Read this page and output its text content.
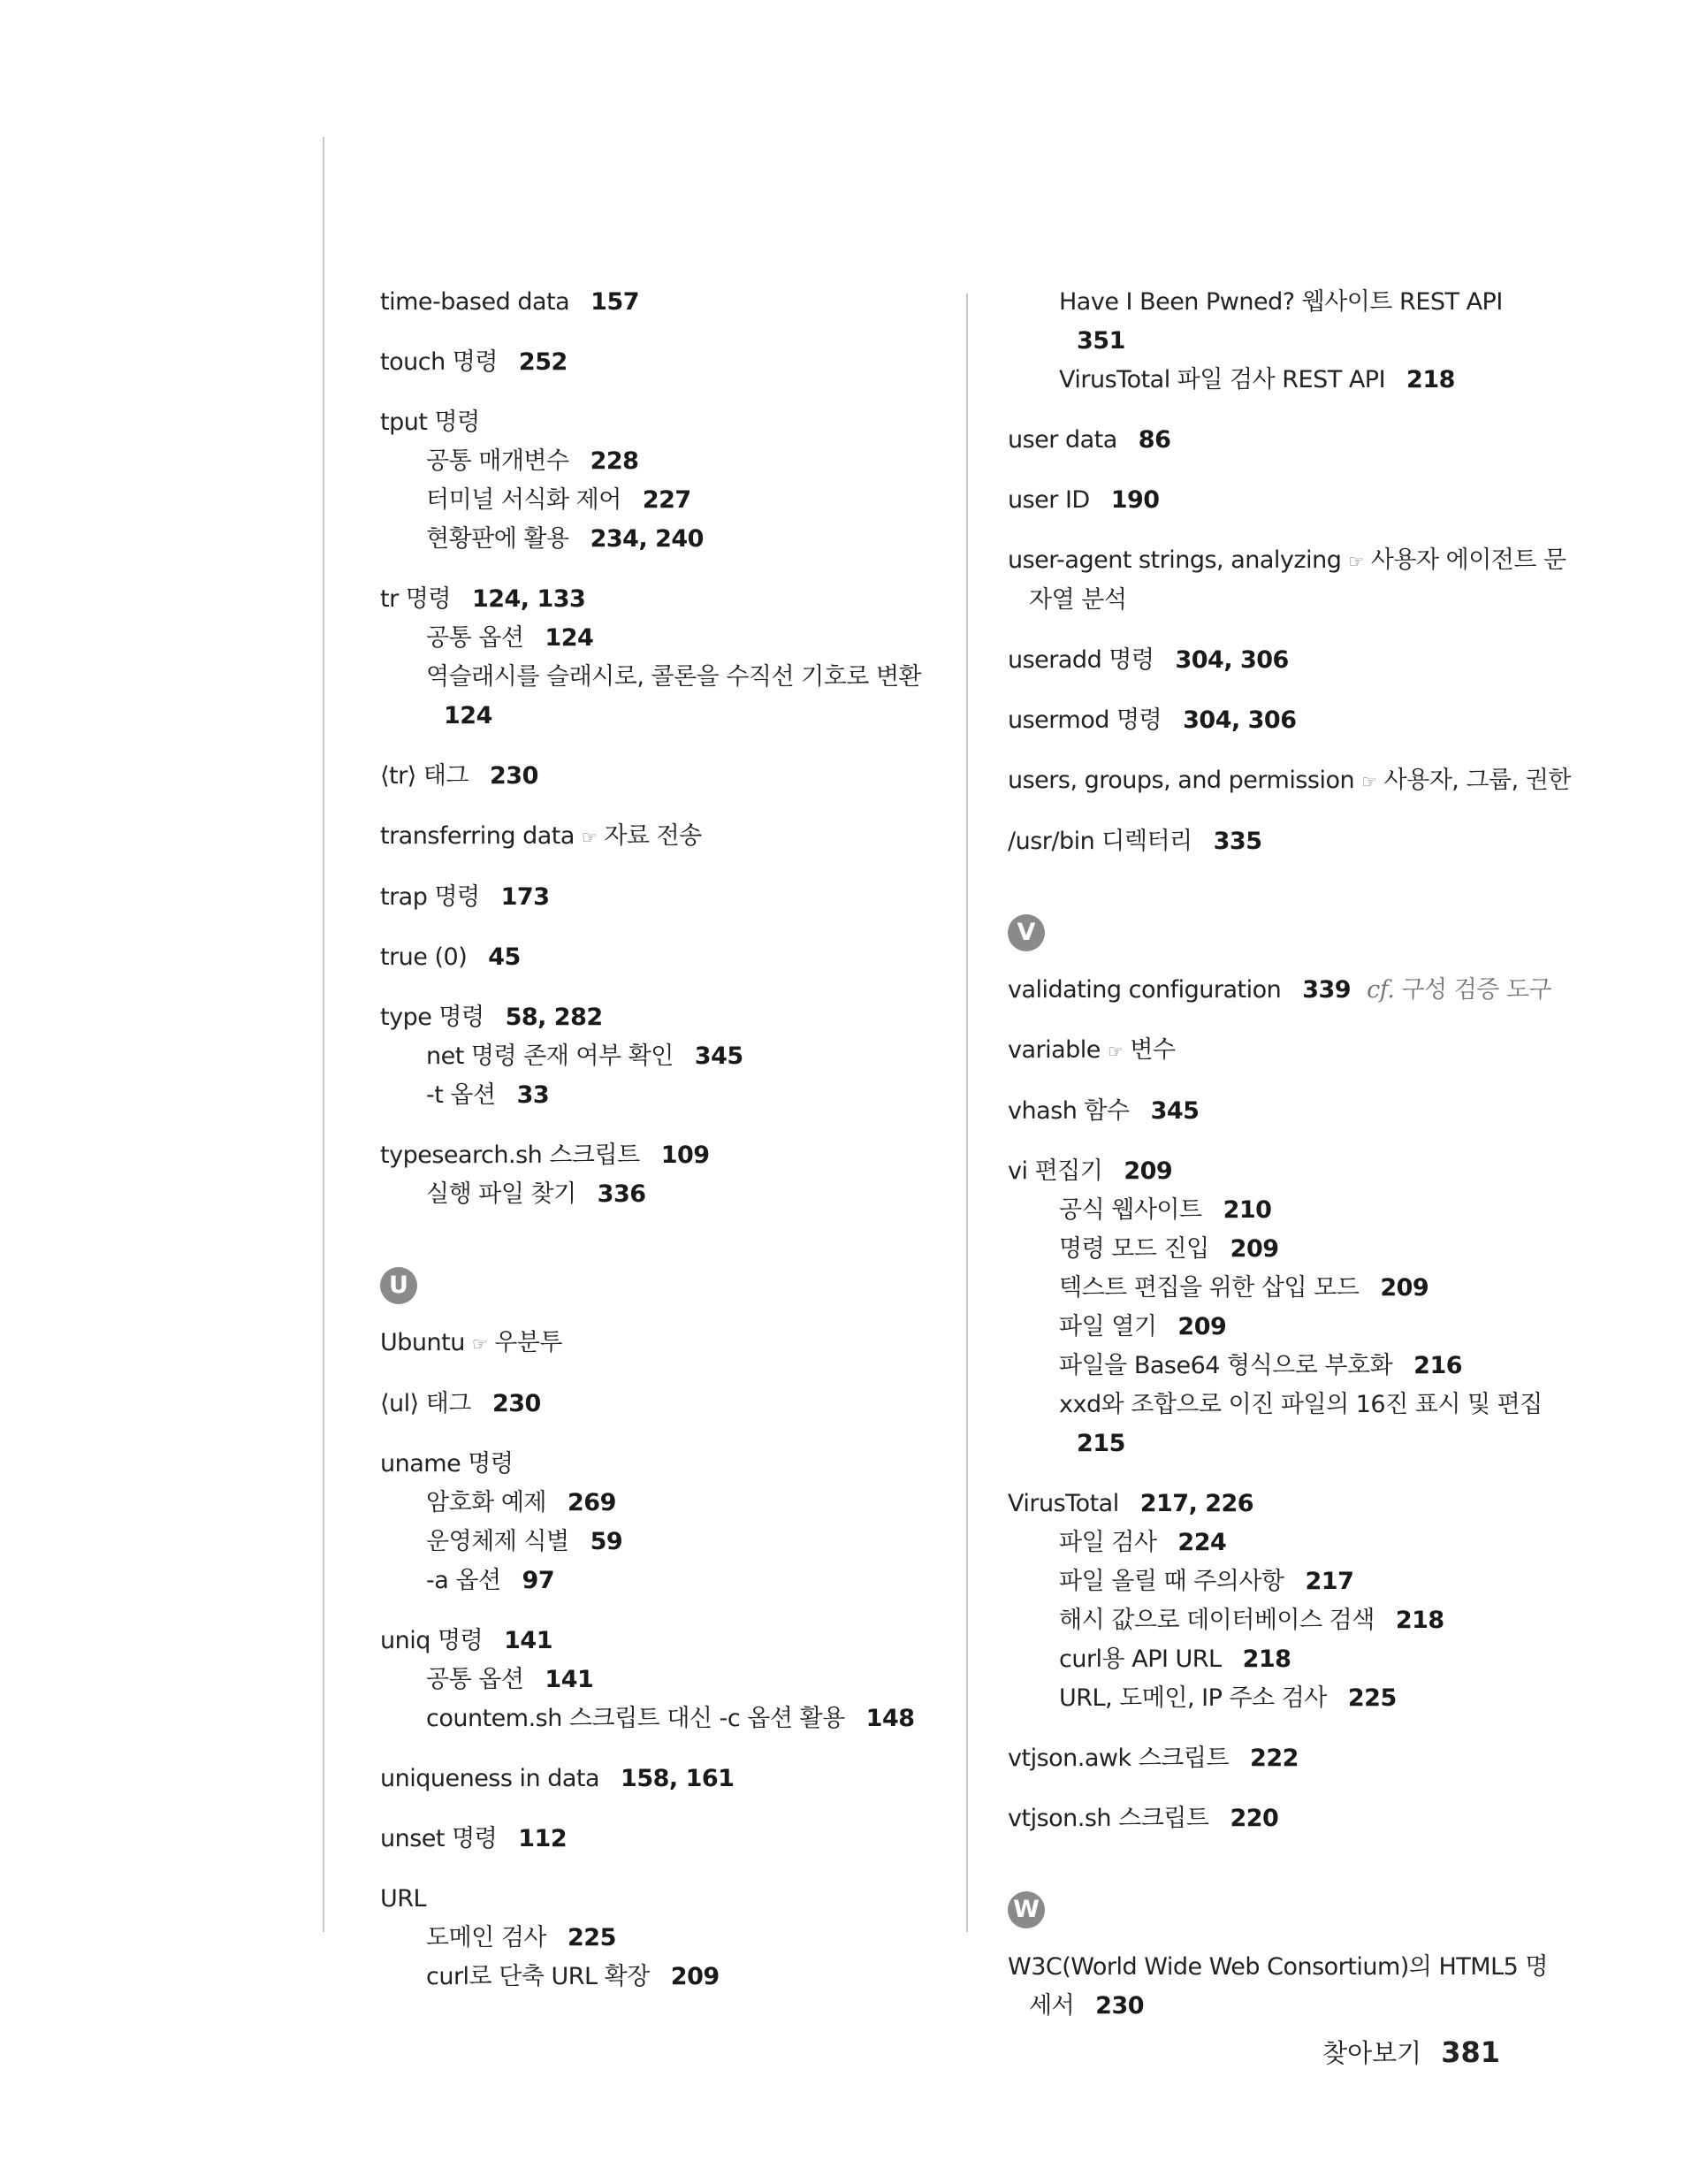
time-based data 157
touch 명령 252
tput 명령
공통 매개변수 228
터미널 서식화 제어 227
현황판에 활용 234, 240
tr 명령 124, 133
공통 옵션 124
역슬래시를 슬래시로, 콜론을 수직선 기호로 변환
124
⟨tr⟩ 태그 230
transferring data ☞ 자료 전송
trap 명령 173
true (0) 45
type 명령 58, 282
net 명령 존재 여부 확인 345
-t 옵션 33
typesearch.sh 스크립트 109
실행 파일 찾기 336
U
Ubuntu ☞ 우분투
⟨ul⟩ 태그 230
uname 명령
암호화 예제 269
운영체제 식별 59
-a 옵션 97
uniq 명령 141
공통 옵션 141
countem.sh 스크립트 대신 -c 옵션 활용 148
uniqueness in data 158, 161
unset 명령 112
URL
도메인 검사 225
curl로 단축 URL 확장 209
Have I Been Pwned? 웹사이트 REST API
351
VirusTotal 파일 검사 REST API 218
user data 86
user ID 190
user-agent strings, analyzing ☞ 사용자 에이전트 문
자열 분석
useradd 명령 304, 306
usermod 명령 304, 306
users, groups, and permission ☞ 사용자, 그룹, 권한
/usr/bin 디렉터리 335
V
validating configuration 339 cf. 구성 검증 도구
variable ☞ 변수
vhash 함수 345
vi 편집기 209
공식 웹사이트 210
명령 모드 진입 209
텍스트 편집을 위한 삽입 모드 209
파일 열기 209
파일을 Base64 형식으로 부호화 216
xxd와 조합으로 이진 파일의 16진 표시 및 편집
215
VirusTotal 217, 226
파일 검사 224
파일 올릴 때 주의사항 217
해시 값으로 데이터베이스 검색 218
curl용 API URL 218
URL, 도메인, IP 주소 검사 225
vtjson.awk 스크립트 222
vtjson.sh 스크립트 220
W
W3C(World Wide Web Consortium)의 HTML5 명
세서 230
찾아보기 381
